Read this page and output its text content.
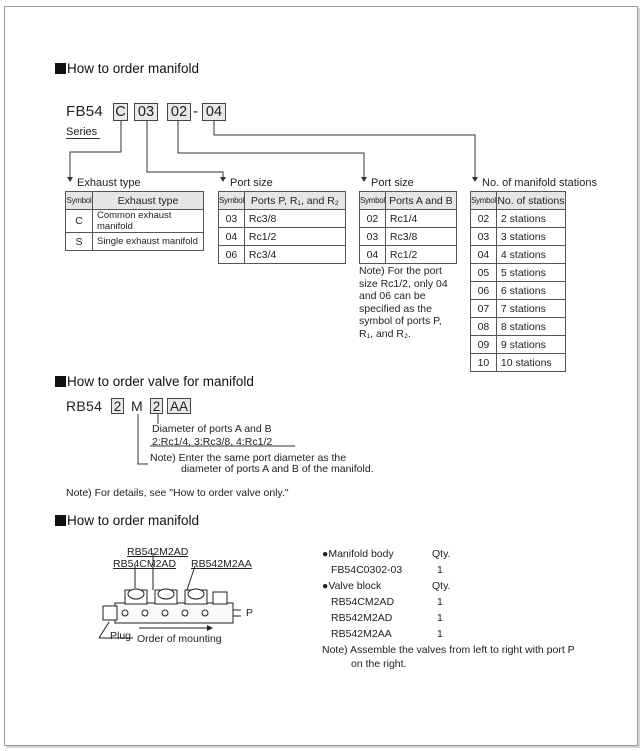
How to order manifold
FB54 C 03 02 - 04
Series
Exhaust type
Symbol	Exhaust type
C	Common exhaust manifold
S	Single exhaust manifold
Port size
Symbol	Ports P, R₁, and R₂
03	Rc3/8
04	Rc1/2
06	Rc3/4
Port size
Symbol	Ports A and B
02	Rc1/4
03	Rc3/8
04	Rc1/2
Note) For the port size Rc1/2, only 04 and 06 can be specified as the symbol of ports P, R₁, and R₂.
No. of manifold stations
Symbol	No. of stations
02	2 stations
03	3 stations
04	4 stations
05	5 stations
06	6 stations
07	7 stations
08	8 stations
09	9 stations
10	10 stations
How to order valve for manifold
RB54 2 M 2 AA
Diameter of ports A and B
2:Rc1/4, 3:Rc3/8, 4:Rc1/2
Note) Enter the same port diameter as the
diameter of ports A and B of the manifold.
Note) For details, see "How to order valve only."
How to order manifold
RB542M2AD
RB54CM2AD RB542M2AA
P
Plug Order of mounting
●Manifold body	Qty.
FB54C0302-03	1
●Valve block	Qty.
RB54CM2AD	1
RB542M2AD	1
RB542M2AA	1
Note) Assemble the valves from left to right with port P
on the right.
